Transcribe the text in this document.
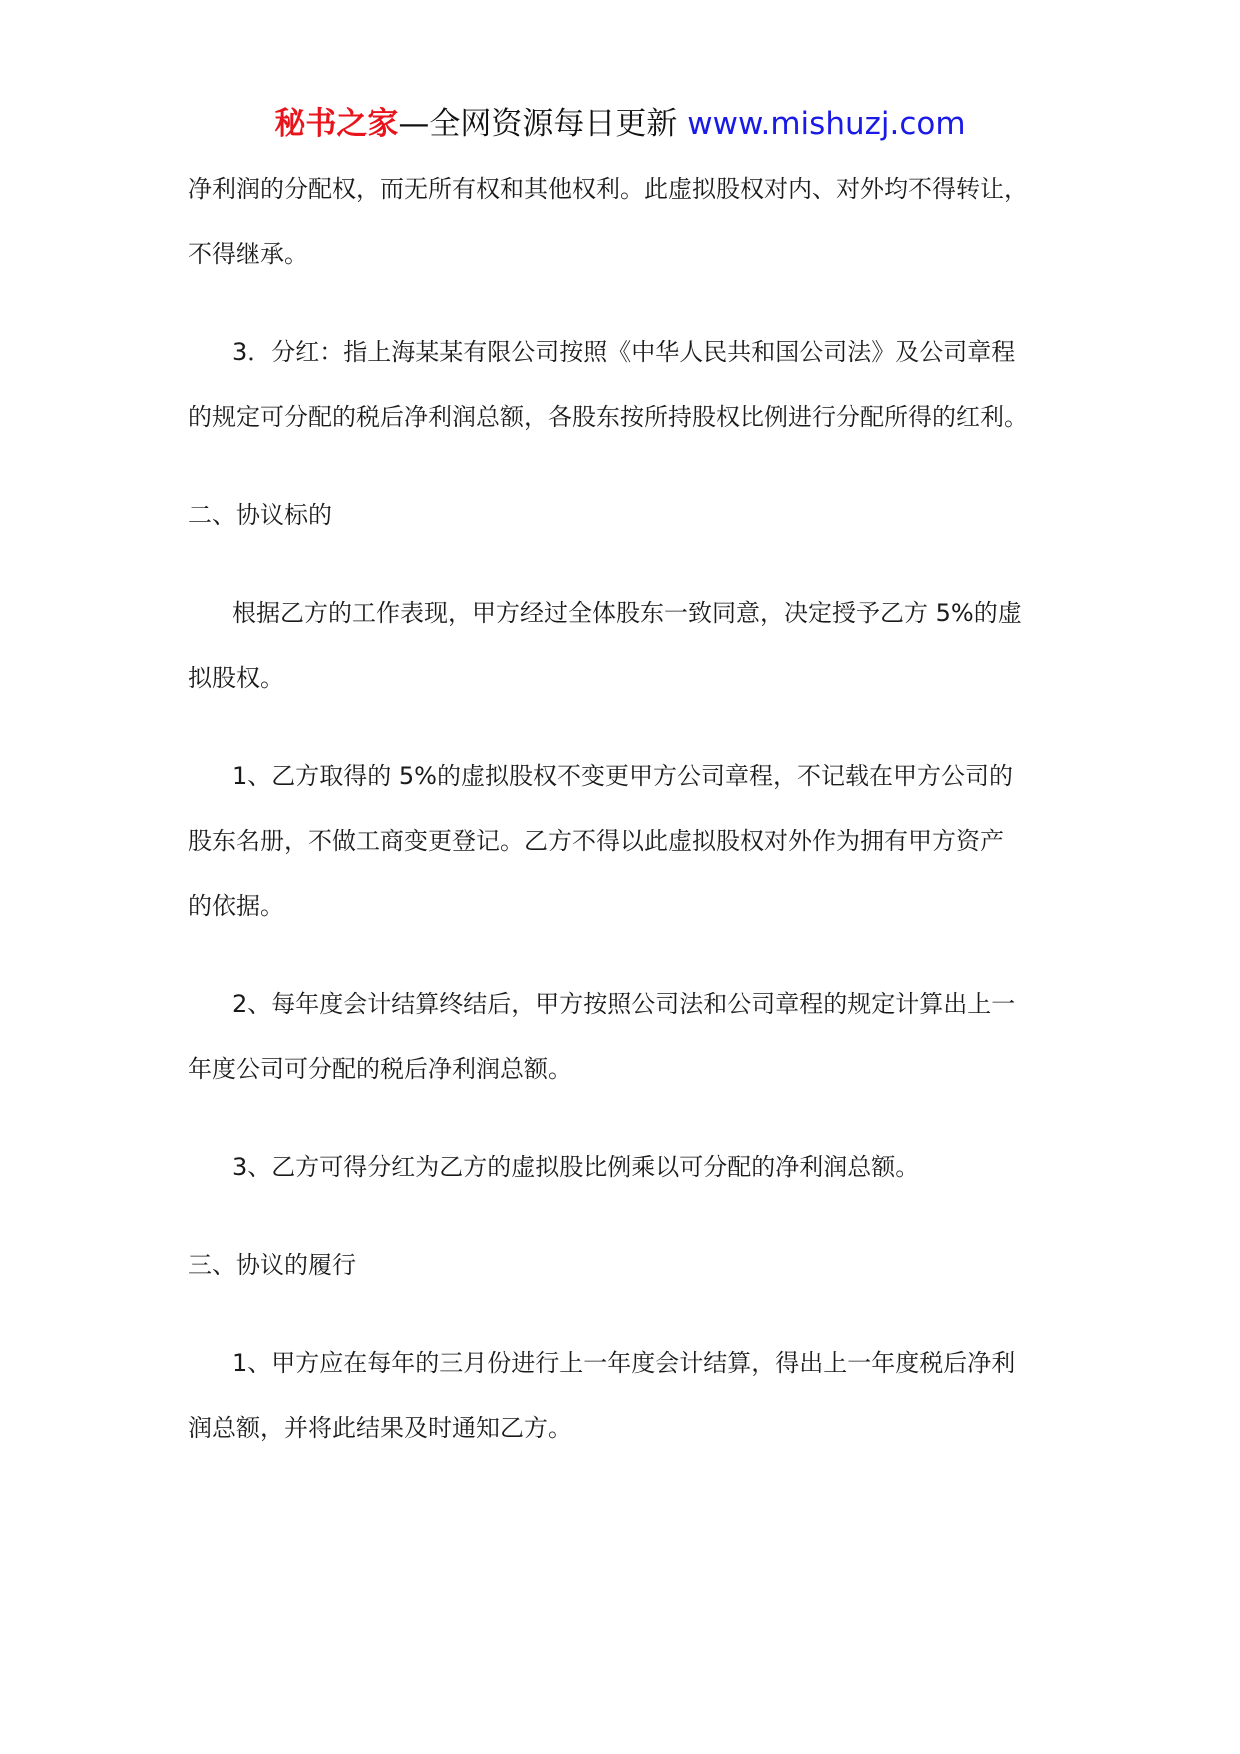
秘书之家—全网资源每日更新 www.mishuzj.com
净利润的分配权，而无所有权和其他权利。此虚拟股权对内、对外均不得转让，
不得继承。
3．分红：指上海某某有限公司按照《中华人民共和国公司法》及公司章程
的规定可分配的税后净利润总额，各股东按所持股权比例进行分配所得的红利。
二、协议标的
根据乙方的工作表现，甲方经过全体股东一致同意，决定授予乙方 5%的虚
拟股权。
1、乙方取得的 5%的虚拟股权不变更甲方公司章程，不记载在甲方公司的
股东名册，不做工商变更登记。乙方不得以此虚拟股权对外作为拥有甲方资产
的依据。
2、每年度会计结算终结后，甲方按照公司法和公司章程的规定计算出上一
年度公司可分配的税后净利润总额。
3、乙方可得分红为乙方的虚拟股比例乘以可分配的净利润总额。
三、协议的履行
1、甲方应在每年的三月份进行上一年度会计结算，得出上一年度税后净利
润总额，并将此结果及时通知乙方。
